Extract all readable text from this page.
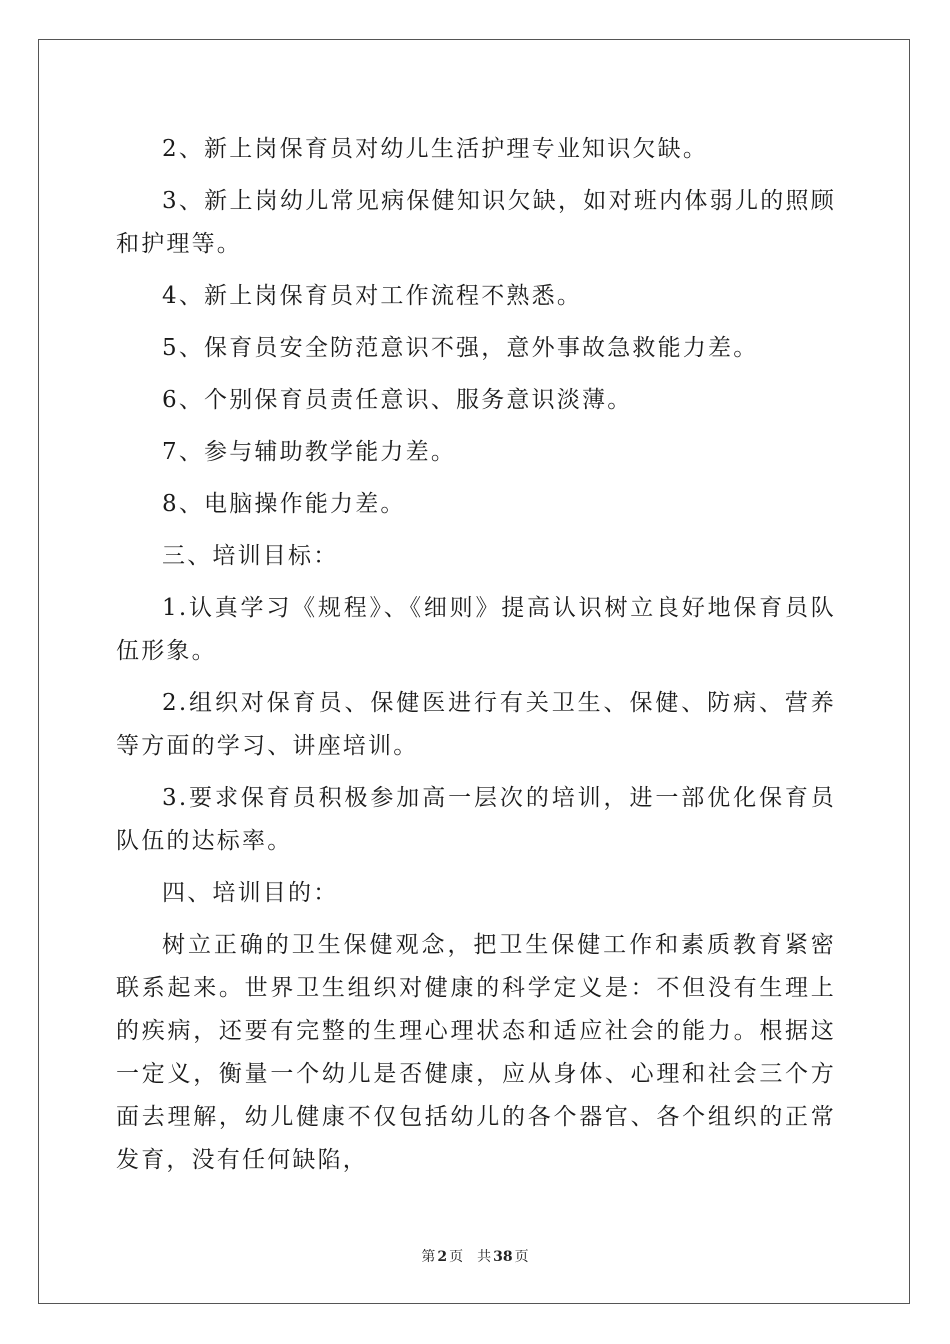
2、新上岗保育员对幼儿生活护理专业知识欠缺。

3、新上岗幼儿常见病保健知识欠缺，如对班内体弱儿的照顾和护理等。

4、新上岗保育员对工作流程不熟悉。

5、保育员安全防范意识不强，意外事故急救能力差。

6、个别保育员责任意识、服务意识淡薄。

7、参与辅助教学能力差。

8、电脑操作能力差。

三、培训目标：

1.认真学习《规程》、《细则》提高认识树立良好地保育员队伍形象。

2.组织对保育员、保健医进行有关卫生、保健、防病、营养等方面的学习、讲座培训。

3.要求保育员积极参加高一层次的培训，进一部优化保育员队伍的达标率。

四、培训目的：

树立正确的卫生保健观念，把卫生保健工作和素质教育紧密联系起来。世界卫生组织对健康的科学定义是：不但没有生理上的疾病，还要有完整的生理心理状态和适应社会的能力。根据这一定义，衡量一个幼儿是否健康，应从身体、心理和社会三个方面去理解，幼儿健康不仅包括幼儿的各个器官、各个组织的正常发育，没有任何缺陷，

第 2 页 共 38 页
